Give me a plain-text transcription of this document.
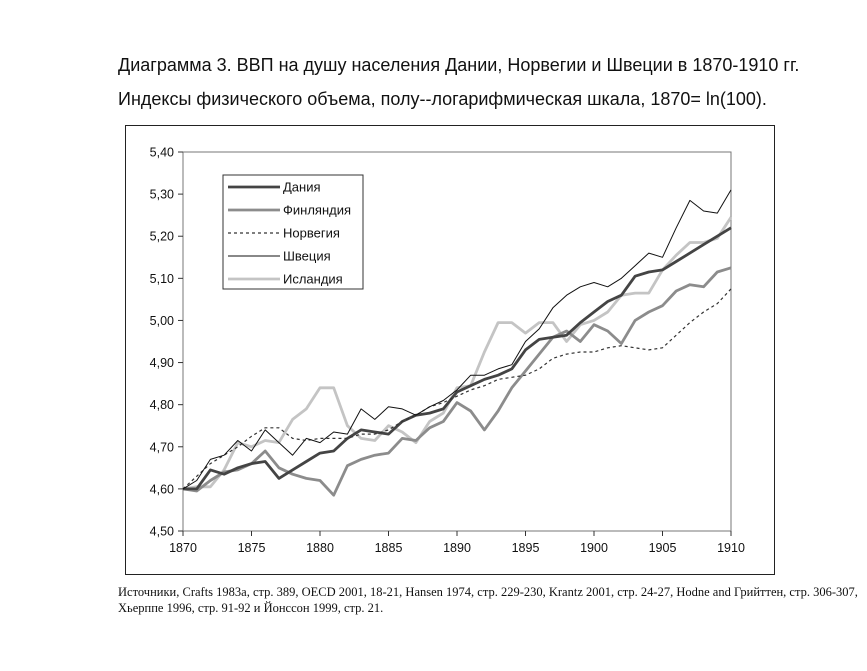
Диаграмма 3. ВВП на душу населения Дании, Норвегии и Швеции в 1870-1910 гг.
Индексы физического объема, полу--логарифмическая шкала, 1870= ln(100).
4,50
4,60
4,70
4,80
4,90
5,00
5,10
5,20
5,30
5,40
1870	1875	1880	1885	1890	1895	1900	1905	1910
Дания
Финляндия
Норвегия
Швеция
Исландия
Источники, Crafts 1983a, стр. 389, OECD 2001, 18-21, Hansen 1974, стр. 229-230, Krantz 2001, стр. 24-27, Hodne and Грийттен, стр. 306-307, Хьерппе 1996, стр. 91-92 и Йонссон 1999, стр. 21.
